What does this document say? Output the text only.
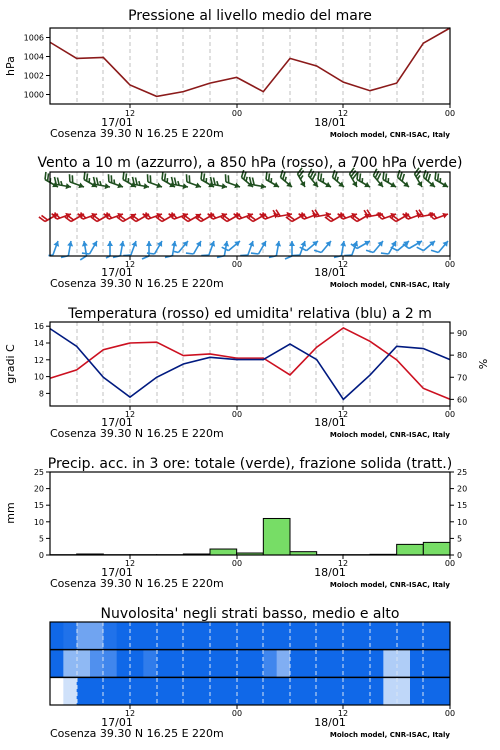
Pressione al livello medio del mare
1000
1002
1004
1006
hPa
12	00	12	00
17/01	18/01
Cosenza 39.30 N 16.25 E 220m	Moloch model, CNR-ISAC, Italy
Vento a 10 m (azzurro), a 850 hPa (rosso), a 700 hPa (verde)
12	00	12	00
17/01	18/01
Cosenza 39.30 N 16.25 E 220m	Moloch model, CNR-ISAC, Italy
Temperatura (rosso) ed umidita' relativa (blu) a 2 m
8
10
12
14
16
60
70
80
90
gradi C	%
12	00	12	00
17/01	18/01
Cosenza 39.30 N 16.25 E 220m	Moloch model, CNR-ISAC, Italy
Precip. acc. in 3 ore: totale (verde), frazione solida (tratt.)
0	0
5	5
10	10
15	15
20	20
25	25
mm
12	00	12	00
17/01	18/01
Cosenza 39.30 N 16.25 E 220m	Moloch model, CNR-ISAC, Italy
Nuvolosita' negli strati basso, medio e alto
12	00	12	00
17/01	18/01
Cosenza 39.30 N 16.25 E 220m	Moloch model, CNR-ISAC, Italy
